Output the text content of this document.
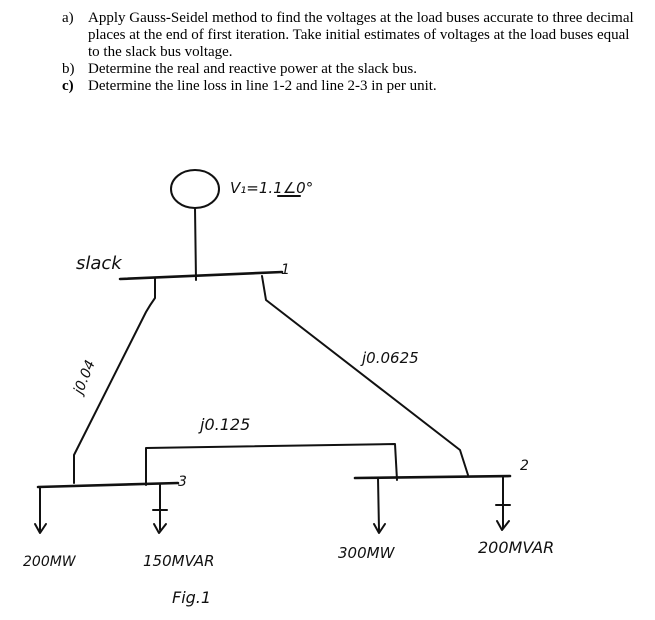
a) Apply Gauss-Seidel method to find the voltages at the load buses accurate to three decimal places at the end of first iteration. Take initial estimates of voltages at the load buses equal to the slack bus voltage.
b) Determine the real and reactive power at the slack bus.
c) Determine the line loss in line 1-2 and line 2-3 in per unit.
V₁=1.1∠0°
slack	1
j0.04	j0.0625
j0.125
3
2
200MW	150MVAR	300MW	200MVAR
Fig.1
